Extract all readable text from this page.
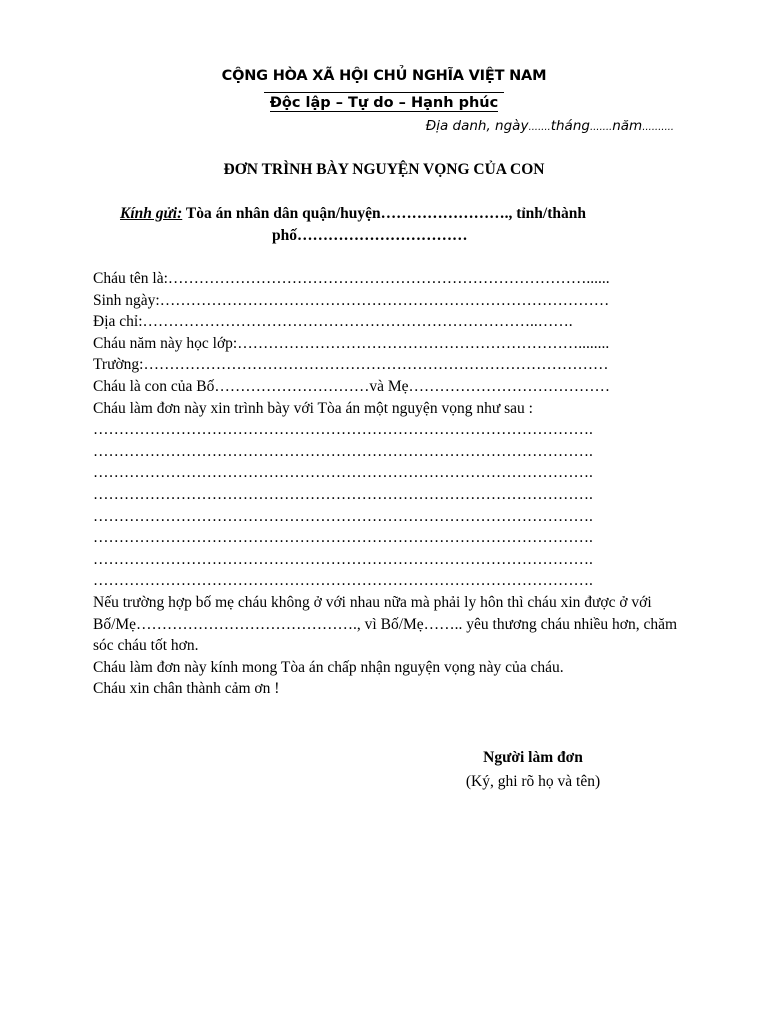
CỘNG HÒA XÃ HỘI CHỦ NGHĨA VIỆT NAM
Độc lập – Tự do – Hạnh phúc
Địa danh, ngày.......tháng.......năm..........
ĐƠN TRÌNH BÀY NGUYỆN VỌNG CỦA CON
Kính gửi: Tòa án nhân dân quận/huyện……………………., tỉnh/thành
phố……………………………
Cháu tên là:………………………………………………………………………......
Sinh ngày:……………………………………………………………………………
Địa chỉ:…………………………………………………………………..…….
Cháu năm này học lớp:…………………………………………………………........
Trường:………………………………………………………………………………
Cháu là con của Bố…………………………và Mẹ…………………………………
Cháu làm đơn này xin trình bày với Tòa án một nguyện vọng như sau :
…………………………………………………………………………………….
…………………………………………………………………………………….
…………………………………………………………………………………….
…………………………………………………………………………………….
…………………………………………………………………………………….
…………………………………………………………………………………….
…………………………………………………………………………………….
…………………………………………………………………………………….
Nếu trường hợp bố mẹ cháu không ở với nhau nữa mà phải ly hôn thì cháu xin được ở với Bố/Mẹ……………………………………., vì Bố/Mẹ…….. yêu thương cháu nhiều hơn, chăm sóc cháu tốt hơn.
Cháu làm đơn này kính mong Tòa án chấp nhận nguyện vọng này của cháu.
Cháu xin chân thành cảm ơn !
Người làm đơn
(Ký, ghi rõ họ và tên)
